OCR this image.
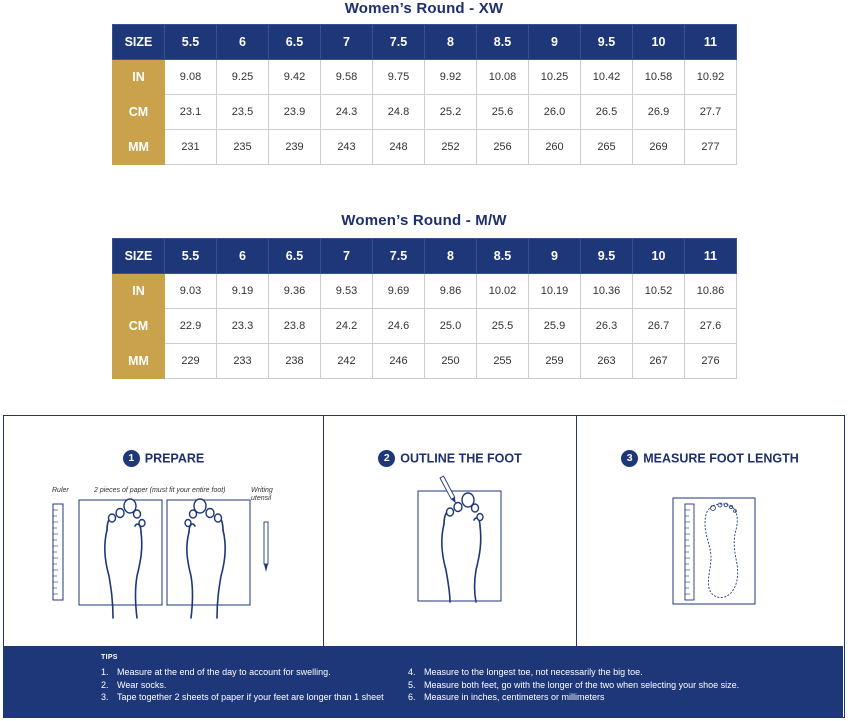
Women’s Round - XW
SIZE	5.5	6	6.5	7	7.5	8	8.5	9	9.5	10	11
IN	9.08	9.25	9.42	9.58	9.75	9.92	10.08	10.25	10.42	10.58	10.92
CM	23.1	23.5	23.9	24.3	24.8	25.2	25.6	26.0	26.5	26.9	27.7
MM	231	235	239	243	248	252	256	260	265	269	277
Women’s Round - M/W
SIZE	5.5	6	6.5	7	7.5	8	8.5	9	9.5	10	11
IN	9.03	9.19	9.36	9.53	9.69	9.86	10.02	10.19	10.36	10.52	10.86
CM	22.9	23.3	23.8	24.2	24.6	25.0	25.5	25.9	26.3	26.7	27.6
MM	229	233	238	242	246	250	255	259	263	267	276
1 PREPARE
Ruler	2 pieces of paper (must fit your entire foot)	Writing utensil
2 OUTLINE THE FOOT	3 MEASURE FOOT LENGTH
TIPS
1. Measure at the end of the day to account for swelling.
2. Wear socks.
3. Tape together 2 sheets of paper if your feet are longer than 1 sheet
4. Measure to the longest toe, not necessarily the big toe.
5. Measure both feet, go with the longer of the two when selecting your shoe size.
6. Measure in inches, centimeters or millimeters
